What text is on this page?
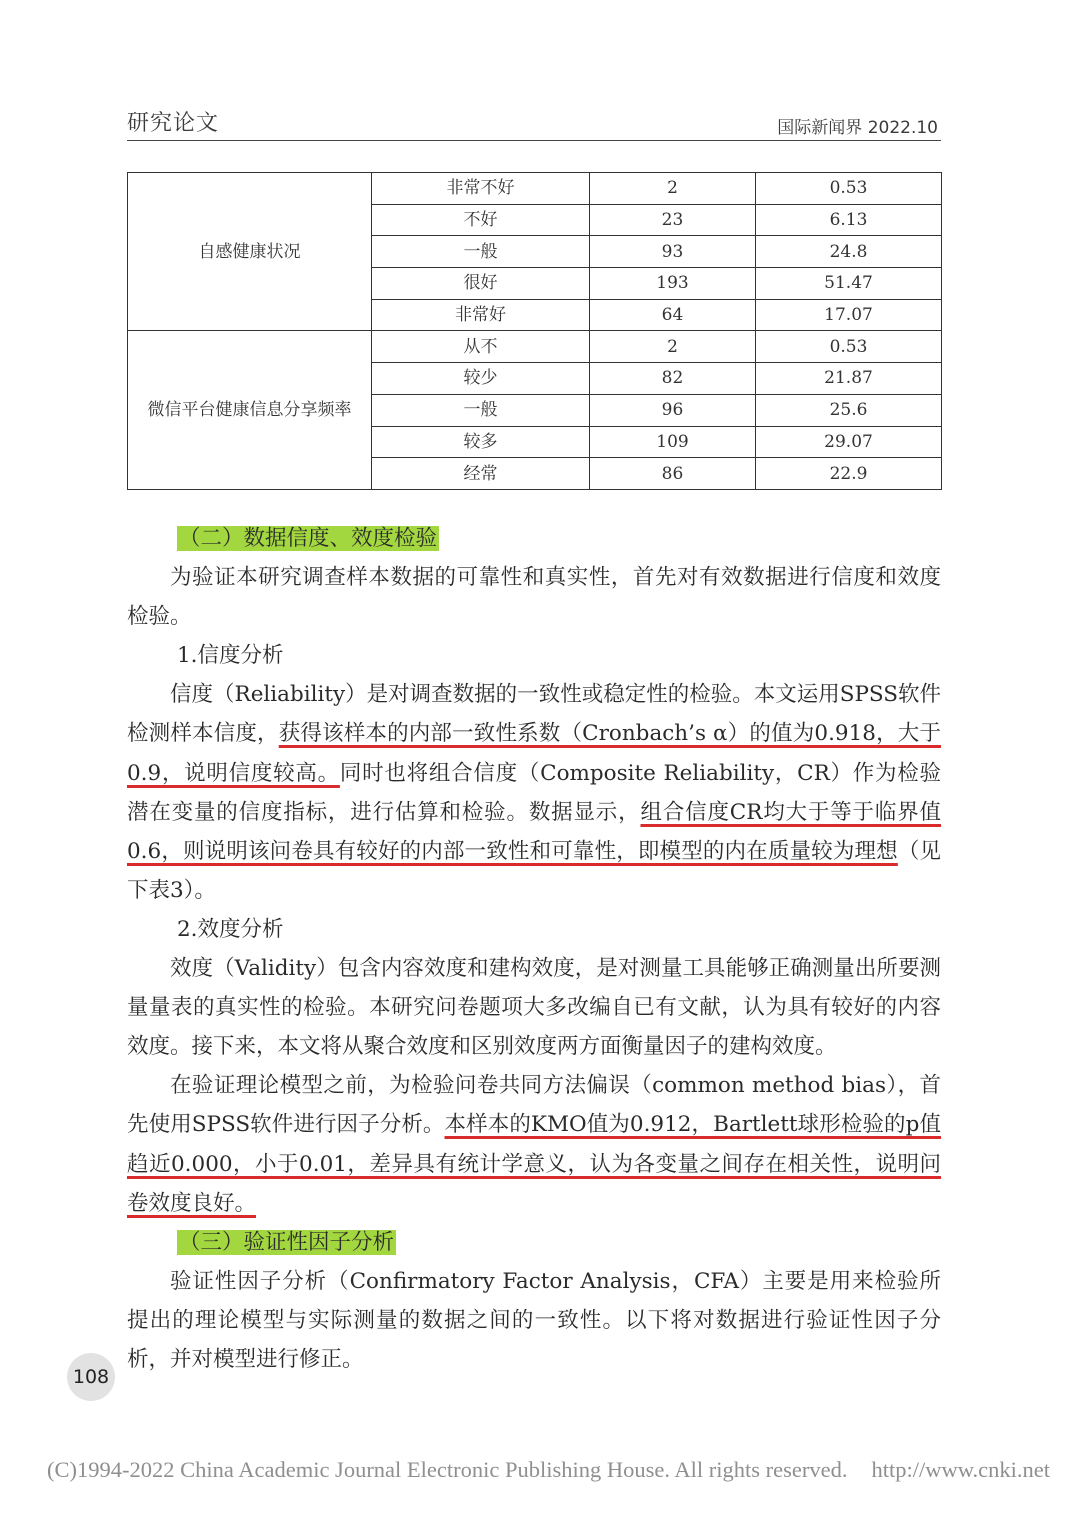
研究论文	国际新闻界 2022.10
自感健康状况	非常不好	2	0.53
	不好	23	6.13
	一般	93	24.8
	很好	193	51.47
	非常好	64	17.07
微信平台健康信息分享频率	从不	2	0.53
	较少	82	21.87
	一般	96	25.6
	较多	109	29.07
	经常	86	22.9

（二）数据信度、效度检验

为验证本研究调查样本数据的可靠性和真实性，首先对有效数据进行信度和效度检验。

1.信度分析

信度（Reliability）是对调查数据的一致性或稳定性的检验。本文运用SPSS软件检测样本信度，获得该样本的内部一致性系数（Cronbach’s α）的值为0.918，大于0.9，说明信度较高。同时也将组合信度（Composite Reliability，CR）作为检验潜在变量的信度指标，进行估算和检验。数据显示，组合信度CR均大于等于临界值0.6，则说明该问卷具有较好的内部一致性和可靠性，即模型的内在质量较为理想（见下表3）。

2.效度分析

效度（Validity）包含内容效度和建构效度，是对测量工具能够正确测量出所要测量量表的真实性的检验。本研究问卷题项大多改编自已有文献，认为具有较好的内容效度。接下来，本文将从聚合效度和区别效度两方面衡量因子的建构效度。

在验证理论模型之前，为检验问卷共同方法偏误（common method bias），首先使用SPSS软件进行因子分析。本样本的KMO值为0.912，Bartlett球形检验的p值趋近0.000，小于0.01，差异具有统计学意义，认为各变量之间存在相关性，说明问卷效度良好。

（三）验证性因子分析

验证性因子分析（Confirmatory Factor Analysis，CFA）主要是用来检验所提出的理论模型与实际测量的数据之间的一致性。以下将对数据进行验证性因子分析，并对模型进行修正。

108
(C)1994-2022 China Academic Journal Electronic Publishing House. All rights reserved. http://www.cnki.net
